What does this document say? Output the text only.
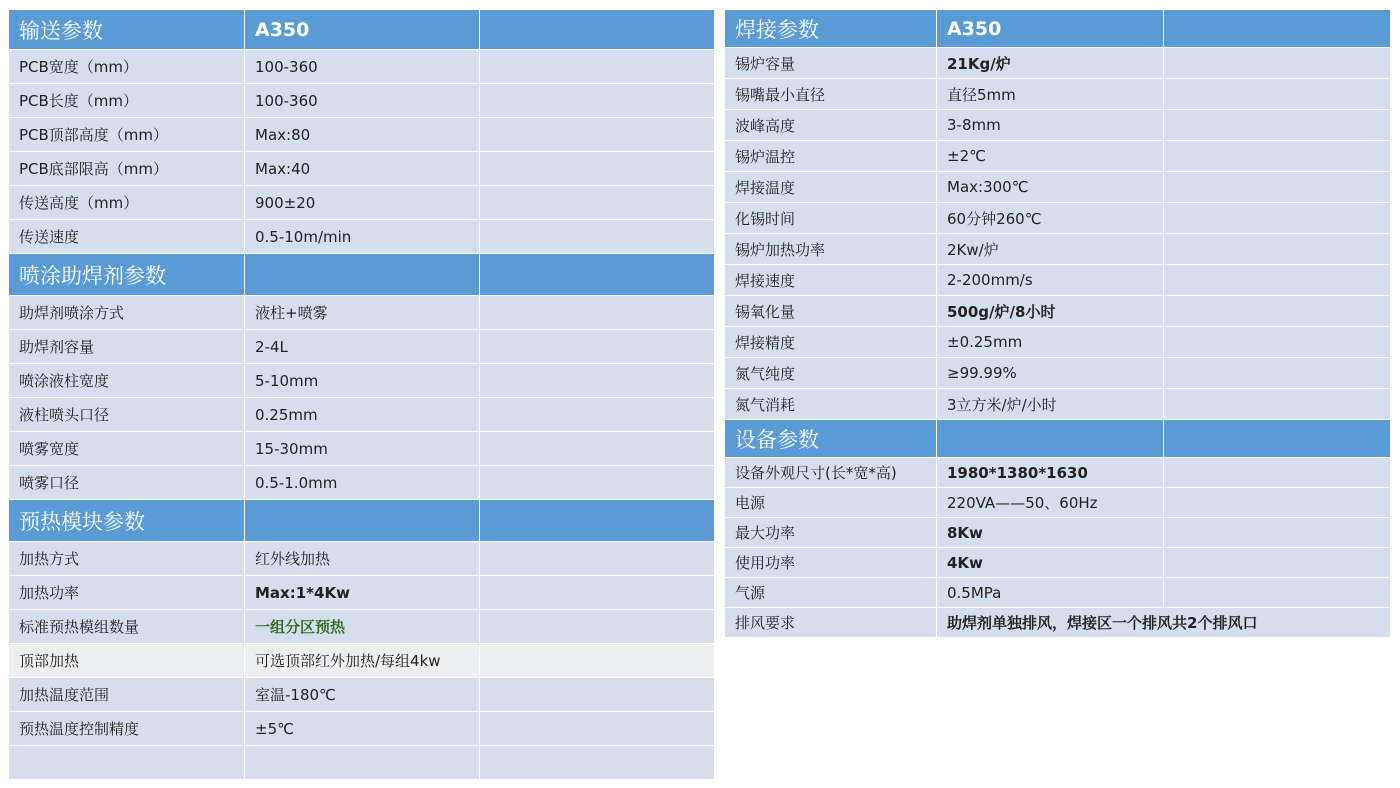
输送参数	A350	
PCB宽度（mm）	100-360	
PCB长度（mm）	100-360	
PCB顶部高度（mm）	Max:80	
PCB底部限高（mm）	Max:40	
传送高度（mm）	900±20	
传送速度	0.5-10m/min	
喷涂助焊剂参数		
助焊剂喷涂方式	液柱+喷雾	
助焊剂容量	2-4L	
喷涂液柱宽度	5-10mm	
液柱喷头口径	0.25mm	
喷雾宽度	15-30mm	
喷雾口径	0.5-1.0mm	
预热模块参数		
加热方式	红外线加热	
加热功率	Max:1*4Kw	
标准预热模组数量	一组分区预热	
顶部加热	可选顶部红外加热/每组4kw	
加热温度范围	室温-180℃	
预热温度控制精度	±5℃	

焊接参数	A350	
锡炉容量	21Kg/炉	
锡嘴最小直径	直径5mm	
波峰高度	3-8mm	
锡炉温控	±2℃	
焊接温度	Max:300℃	
化锡时间	60分钟260℃	
锡炉加热功率	2Kw/炉	
焊接速度	2-200mm/s	
锡氧化量	500g/炉/8小时	
焊接精度	±0.25mm	
氮气纯度	≥99.99%	
氮气消耗	3立方米/炉/小时	
设备参数		
设备外观尺寸(长*宽*高)	1980*1380*1630	
电源	220VA——50、60Hz	
最大功率	8Kw	
使用功率	4Kw	
气源	0.5MPa	
排风要求	助焊剂单独排风，焊接区一个排风共2个排风口	
